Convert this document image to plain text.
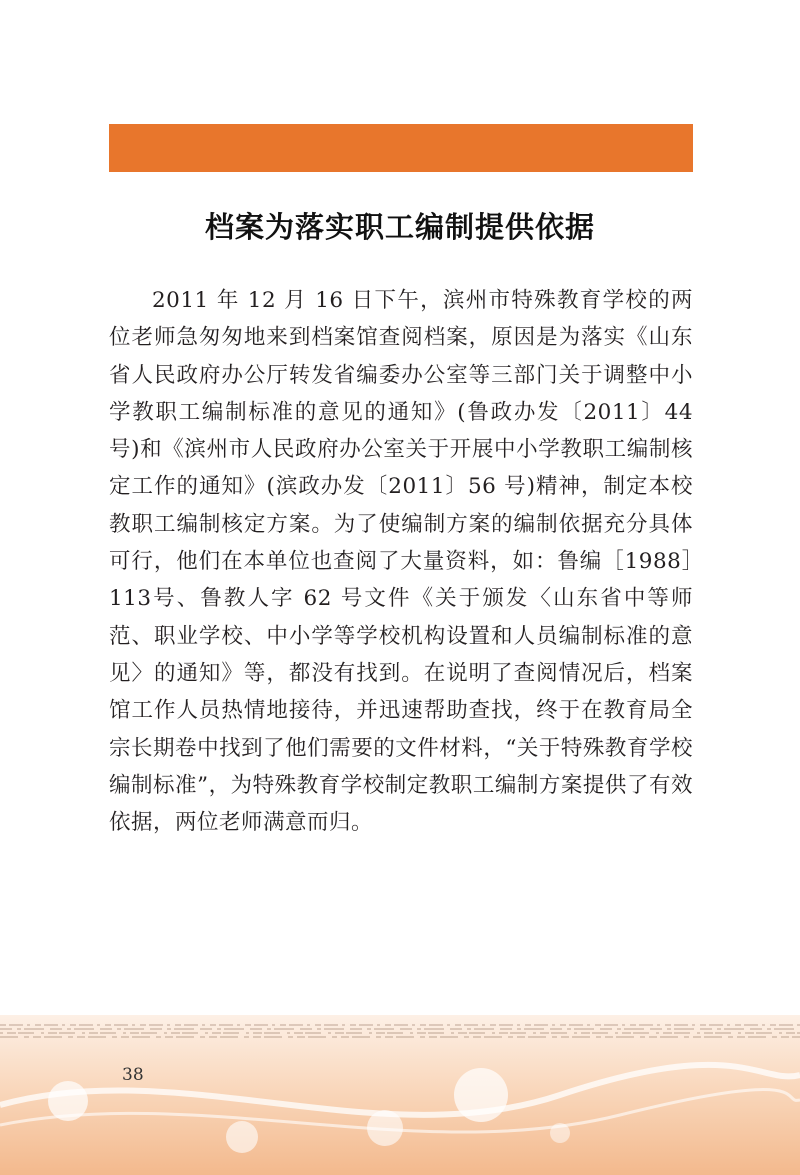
档案为落实职工编制提供依据

2011 年 12 月 16 日下午，滨州市特殊教育学校的两位老师急匆匆地来到档案馆查阅档案，原因是为落实《山东省人民政府办公厅转发省编委办公室等三部门关于调整中小学教职工编制标准的意见的通知》(鲁政办发〔2011〕44 号)和《滨州市人民政府办公室关于开展中小学教职工编制核定工作的通知》(滨政办发〔2011〕56 号)精神，制定本校教职工编制核定方案。为了使编制方案的编制依据充分具体可行，他们在本单位也查阅了大量资料，如：鲁编［1988］113号、鲁教人字 62 号文件《关于颁发〈山东省中等师范、职业学校、中小学等学校机构设置和人员编制标准的意见〉的通知》等，都没有找到。在说明了查阅情况后，档案馆工作人员热情地接待，并迅速帮助查找，终于在教育局全宗长期卷中找到了他们需要的文件材料，“关于特殊教育学校编制标准”，为特殊教育学校制定教职工编制方案提供了有效依据，两位老师满意而归。

38
